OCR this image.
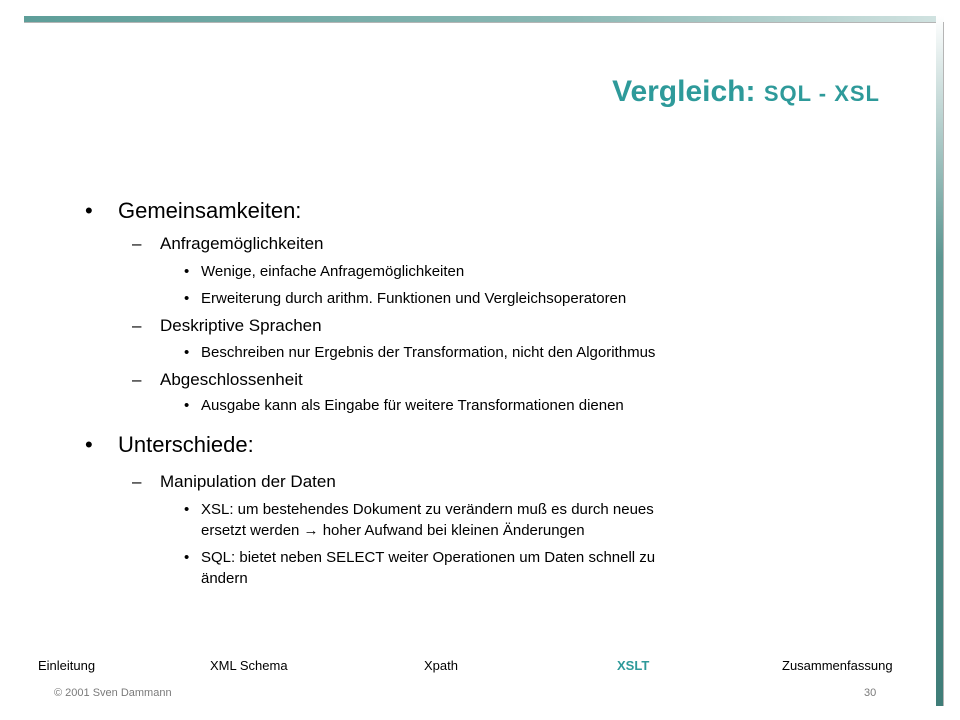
Vergleich: SQL - XSL
• Gemeinsamkeiten:
– Anfragemöglichkeiten
• Wenige, einfache Anfragemöglichkeiten
• Erweiterung durch arithm. Funktionen und Vergleichsoperatoren
– Deskriptive Sprachen
• Beschreiben nur Ergebnis der Transformation, nicht den Algorithmus
– Abgeschlossenheit
• Ausgabe kann als Eingabe für weitere Transformationen dienen
• Unterschiede:
– Manipulation der Daten
• XSL: um bestehendes Dokument zu verändern muß es durch neues
ersetzt werden → hoher Aufwand bei kleinen Änderungen
• SQL: bietet neben SELECT weiter Operationen um Daten schnell zu
ändern
Einleitung	XML Schema	Xpath	XSLT	Zusammenfassung
© 2001 Sven Dammann	30
